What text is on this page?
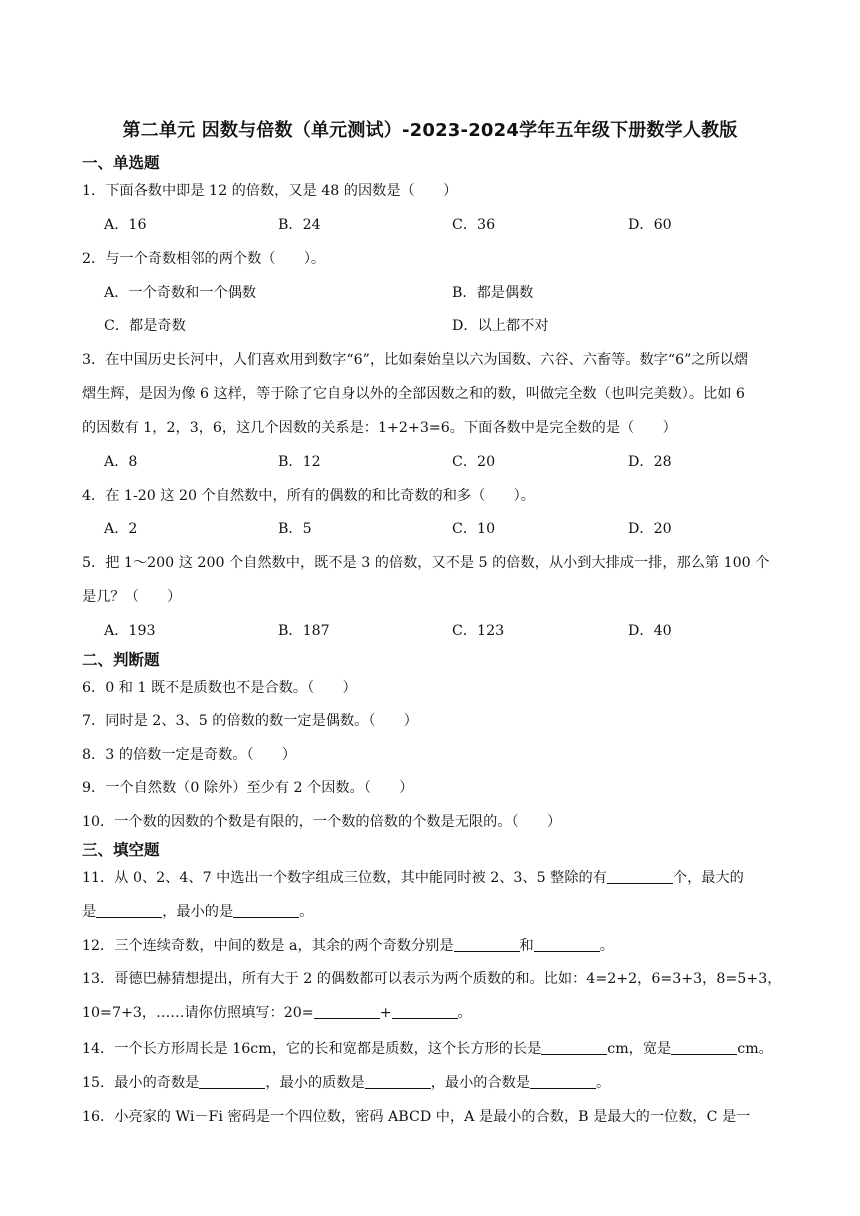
第二单元 因数与倍数（单元测试）-2023-2024学年五年级下册数学人教版
一、单选题
1．下面各数中即是 12 的倍数，又是 48 的因数是（　　）
A．16	B．24	C．36	D．60
2．与一个奇数相邻的两个数（　　）。
A．一个奇数和一个偶数	B．都是偶数
C．都是奇数	D．以上都不对
3．在中国历史长河中，人们喜欢用到数字“6”，比如秦始皇以六为国数、六谷、六畜等。数字“6”之所以熠
熠生辉，是因为像 6 这样，等于除了它自身以外的全部因数之和的数，叫做完全数（也叫完美数）。比如 6
的因数有 1，2，3，6，这几个因数的关系是：1+2+3=6。下面各数中是完全数的是（　　）
A．8	B．12	C．20	D．28
4．在 1-20 这 20 个自然数中，所有的偶数的和比奇数的和多（　　）。
A．2	B．5	C．10	D．20
5．把 1～200 这 200 个自然数中，既不是 3 的倍数，又不是 5 的倍数，从小到大排成一排，那么第 100 个
是几？（　　）
A．193	B．187	C．123	D．40
二、判断题
6．0 和 1 既不是质数也不是合数。（　　）
7．同时是 2、3、5 的倍数的数一定是偶数。（　　）
8．3 的倍数一定是奇数。（　　）
9．一个自然数（0 除外）至少有 2 个因数。（　　）
10．一个数的因数的个数是有限的，一个数的倍数的个数是无限的。（　　）
三、填空题
11．从 0、2、4、7 中选出一个数字组成三位数，其中能同时被 2、3、5 整除的有	个，最大的
是	，最小的是	。
12．三个连续奇数，中间的数是 a，其余的两个奇数分别是	和	。
13．哥德巴赫猜想提出，所有大于 2 的偶数都可以表示为两个质数的和。比如：4=2+2，6=3+3，8=5+3，
10=7+3，……请你仿照填写：20=	+	。
14．一个长方形周长是 16cm，它的长和宽都是质数，这个长方形的长是	cm，宽是	cm。
15．最小的奇数是	，最小的质数是	，最小的合数是	。
16．小亮家的 Wi－Fi 密码是一个四位数，密码 ABCD 中，A 是最小的合数，B 是最大的一位数，C 是一
